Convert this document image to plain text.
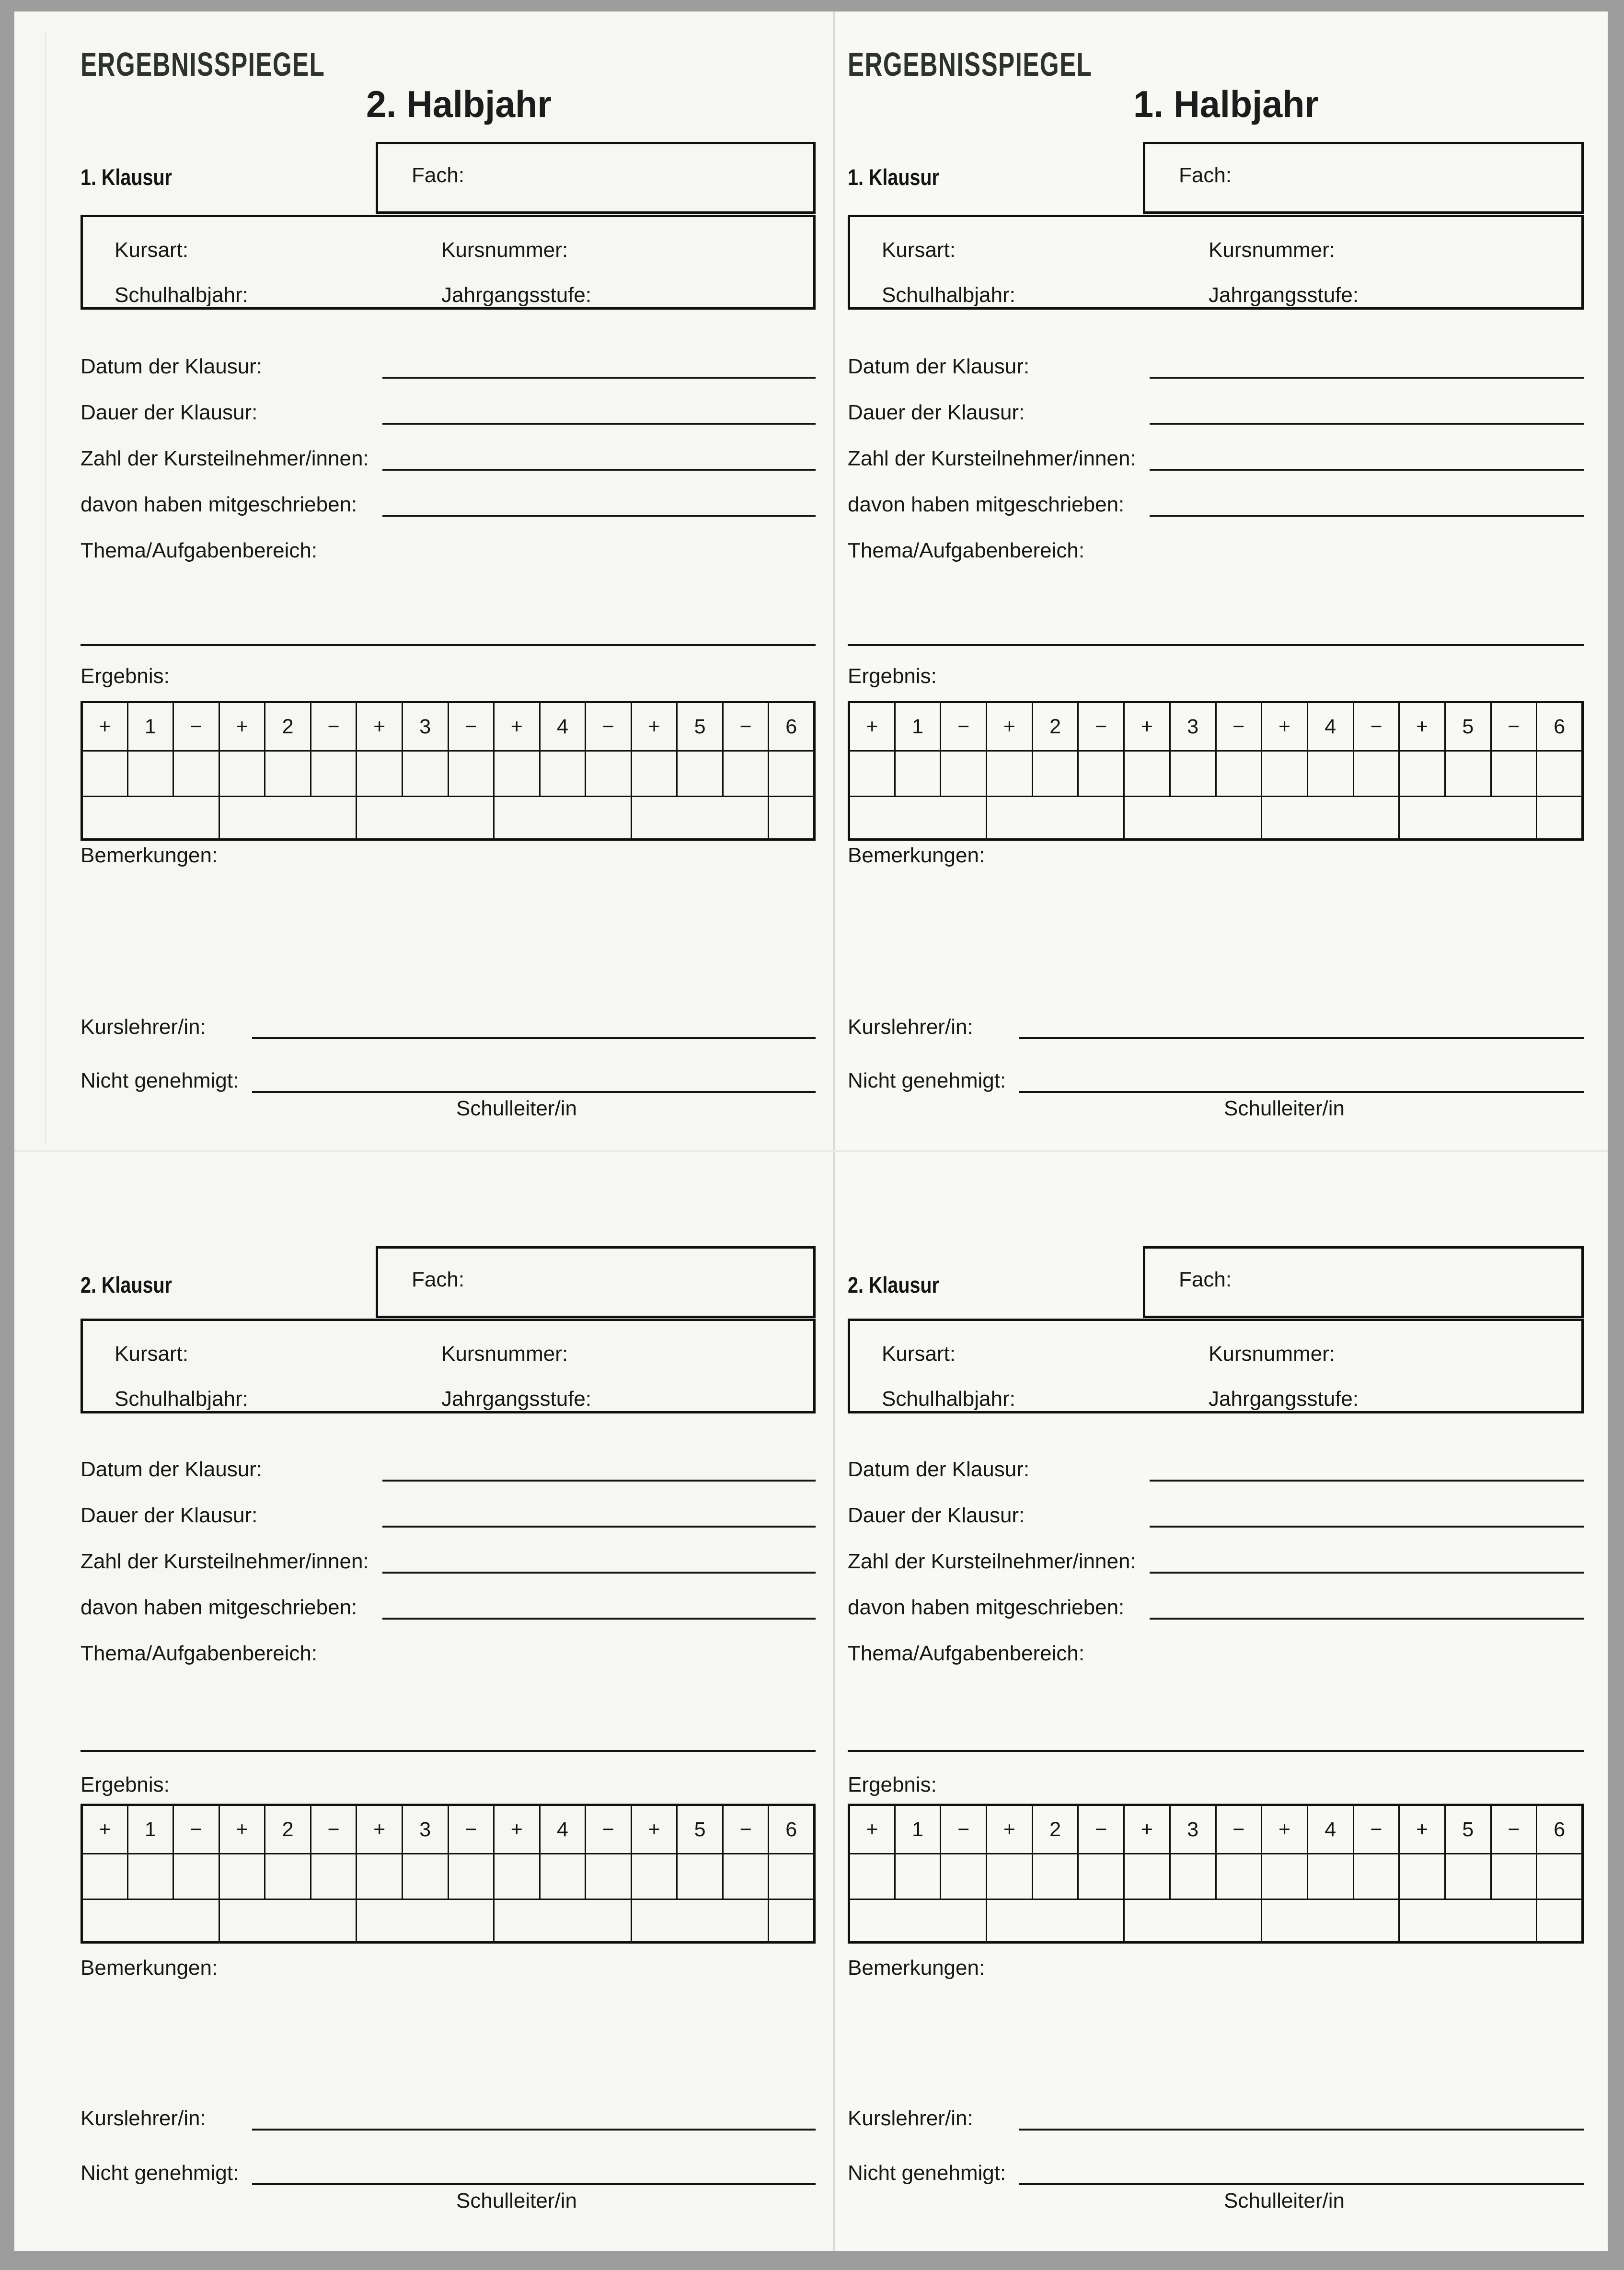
ERGEBNISSPIEGEL
2. Halbjahr
1. Klausur	Fach:
Kursart:	Kursnummer:
Schulhalbjahr:	Jahrgangsstufe:
Datum der Klausur:
Dauer der Klausur:
Zahl der Kursteilnehmer/innen:
davon haben mitgeschrieben:
Thema/Aufgabenbereich:
Ergebnis:
+	1	−	+	2	−	+	3	−	+	4	−	+	5	−	6

Bemerkungen:
Kurslehrer/in:
Nicht genehmigt:
Schulleiter/in
ERGEBNISSPIEGEL
1. Halbjahr
1. Klausur	Fach:
Kursart:	Kursnummer:
Schulhalbjahr:	Jahrgangsstufe:
Datum der Klausur:
Dauer der Klausur:
Zahl der Kursteilnehmer/innen:
davon haben mitgeschrieben:
Thema/Aufgabenbereich:
Ergebnis:
+	1	−	+	2	−	+	3	−	+	4	−	+	5	−	6

Bemerkungen:
Kurslehrer/in:
Nicht genehmigt:
Schulleiter/in
2. Klausur	Fach:
Kursart:	Kursnummer:
Schulhalbjahr:	Jahrgangsstufe:
Datum der Klausur:
Dauer der Klausur:
Zahl der Kursteilnehmer/innen:
davon haben mitgeschrieben:
Thema/Aufgabenbereich:
Ergebnis:
+	1	−	+	2	−	+	3	−	+	4	−	+	5	−	6

Bemerkungen:
Kurslehrer/in:
Nicht genehmigt:
Schulleiter/in
2. Klausur	Fach:
Kursart:	Kursnummer:
Schulhalbjahr:	Jahrgangsstufe:
Datum der Klausur:
Dauer der Klausur:
Zahl der Kursteilnehmer/innen:
davon haben mitgeschrieben:
Thema/Aufgabenbereich:
Ergebnis:
+	1	−	+	2	−	+	3	−	+	4	−	+	5	−	6

Bemerkungen:
Kurslehrer/in:
Nicht genehmigt:
Schulleiter/in
